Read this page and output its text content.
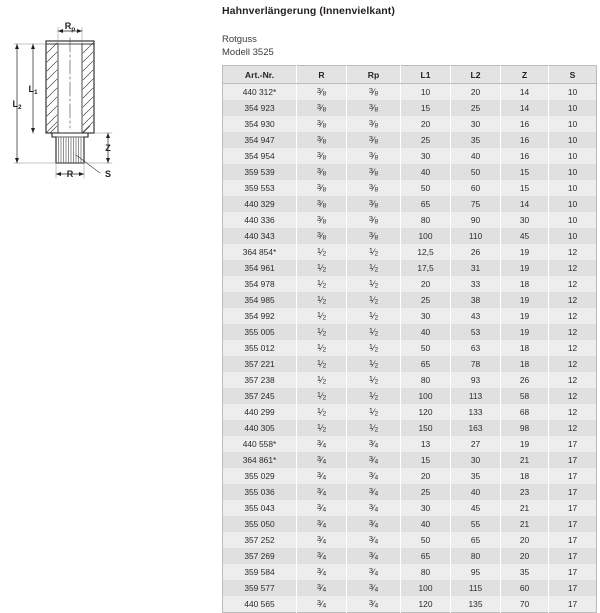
$R_p$
$L_1$
$L_2$
Z
R	S
Hahnverlängerung (Innenvielkant)
Rotguss
Modell 3525
Art.-Nr.	R	Rp	L1	L2	Z	S
440 312*	$^3⁄_8$	$^3⁄_8$	10	20	14	10
354 923	$^3⁄_8$	$^3⁄_8$	15	25	14	10
354 930	$^3⁄_8$	$^3⁄_8$	20	30	16	10
354 947	$^3⁄_8$	$^3⁄_8$	25	35	16	10
354 954	$^3⁄_8$	$^3⁄_8$	30	40	16	10
359 539	$^3⁄_8$	$^3⁄_8$	40	50	15	10
359 553	$^3⁄_8$	$^3⁄_8$	50	60	15	10
440 329	$^3⁄_8$	$^3⁄_8$	65	75	14	10
440 336	$^3⁄_8$	$^3⁄_8$	80	90	30	10
440 343	$^3⁄_8$	$^3⁄_8$	100	110	45	10
364 854*	$^1⁄_2$	$^1⁄_2$	12,5	26	19	12
354 961	$^1⁄_2$	$^1⁄_2$	17,5	31	19	12
354 978	$^1⁄_2$	$^1⁄_2$	20	33	18	12
354 985	$^1⁄_2$	$^1⁄_2$	25	38	19	12
354 992	$^1⁄_2$	$^1⁄_2$	30	43	19	12
355 005	$^1⁄_2$	$^1⁄_2$	40	53	19	12
355 012	$^1⁄_2$	$^1⁄_2$	50	63	18	12
357 221	$^1⁄_2$	$^1⁄_2$	65	78	18	12
357 238	$^1⁄_2$	$^1⁄_2$	80	93	26	12
357 245	$^1⁄_2$	$^1⁄_2$	100	113	58	12
440 299	$^1⁄_2$	$^1⁄_2$	120	133	68	12
440 305	$^1⁄_2$	$^1⁄_2$	150	163	98	12
440 558*	$^3⁄_4$	$^3⁄_4$	13	27	19	17
364 861*	$^3⁄_4$	$^3⁄_4$	15	30	21	17
355 029	$^3⁄_4$	$^3⁄_4$	20	35	18	17
355 036	$^3⁄_4$	$^3⁄_4$	25	40	23	17
355 043	$^3⁄_4$	$^3⁄_4$	30	45	21	17
355 050	$^3⁄_4$	$^3⁄_4$	40	55	21	17
357 252	$^3⁄_4$	$^3⁄_4$	50	65	20	17
357 269	$^3⁄_4$	$^3⁄_4$	65	80	20	17
359 584	$^3⁄_4$	$^3⁄_4$	80	95	35	17
359 577	$^3⁄_4$	$^3⁄_4$	100	115	60	17
440 565	$^3⁄_4$	$^3⁄_4$	120	135	70	17
